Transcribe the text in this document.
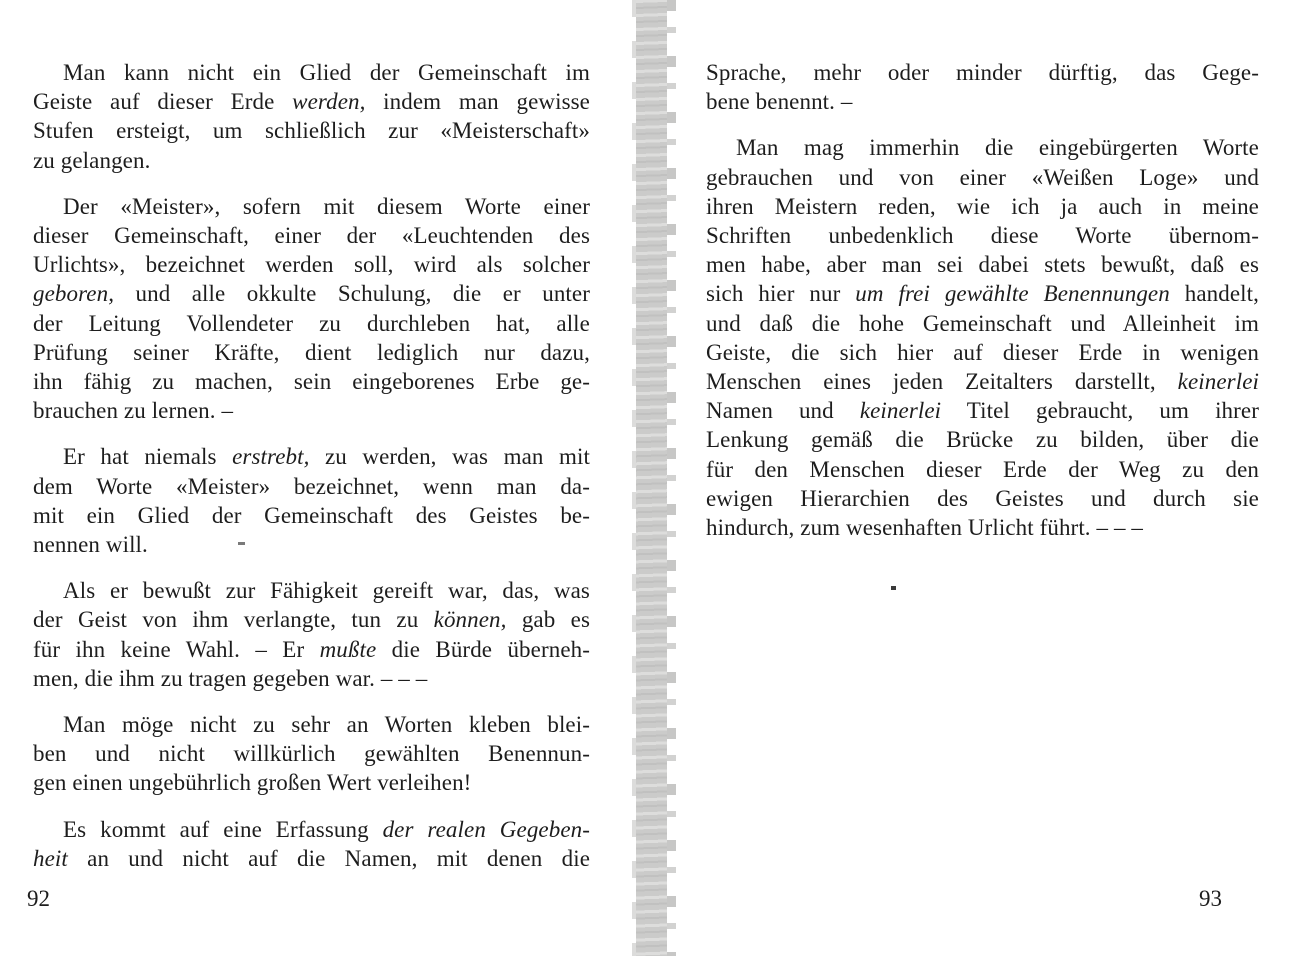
Man kann nicht ein Glied der Gemeinschaft im
Geiste auf dieser Erde werden, indem man gewisse
Stufen ersteigt, um schließlich zur «Meisterschaft»
zu gelangen.
Der «Meister», sofern mit diesem Worte einer
dieser Gemeinschaft, einer der «Leuchtenden des
Urlichts», bezeichnet werden soll, wird als solcher
geboren, und alle okkulte Schulung, die er unter
der Leitung Vollendeter zu durchleben hat, alle
Prüfung seiner Kräfte, dient lediglich nur dazu,
ihn fähig zu machen, sein eingeborenes Erbe ge-
brauchen zu lernen. –
Er hat niemals erstrebt, zu werden, was man mit
dem Worte «Meister» bezeichnet, wenn man da-
mit ein Glied der Gemeinschaft des Geistes be-
nennen will.
Als er bewußt zur Fähigkeit gereift war, das, was
der Geist von ihm verlangte, tun zu können, gab es
für ihn keine Wahl. – Er mußte die Bürde überneh-
men, die ihm zu tragen gegeben war. – – –
Man möge nicht zu sehr an Worten kleben blei-
ben und nicht willkürlich gewählten Benennun-
gen einen ungebührlich großen Wert verleihen!
Es kommt auf eine Erfassung der realen Gegeben-
heit an und nicht auf die Namen, mit denen die
Sprache, mehr oder minder dürftig, das Gege-
bene benennt. –
Man mag immerhin die eingebürgerten Worte
gebrauchen und von einer «Weißen Loge» und
ihren Meistern reden, wie ich ja auch in meine
Schriften unbedenklich diese Worte übernom-
men habe, aber man sei dabei stets bewußt, daß es
sich hier nur um frei gewählte Benennungen handelt,
und daß die hohe Gemeinschaft und Alleinheit im
Geiste, die sich hier auf dieser Erde in wenigen
Menschen eines jeden Zeitalters darstellt, keinerlei
Namen und keinerlei Titel gebraucht, um ihrer
Lenkung gemäß die Brücke zu bilden, über die
für den Menschen dieser Erde der Weg zu den
ewigen Hierarchien des Geistes und durch sie
hindurch, zum wesenhaften Urlicht führt. – – –
92	93
